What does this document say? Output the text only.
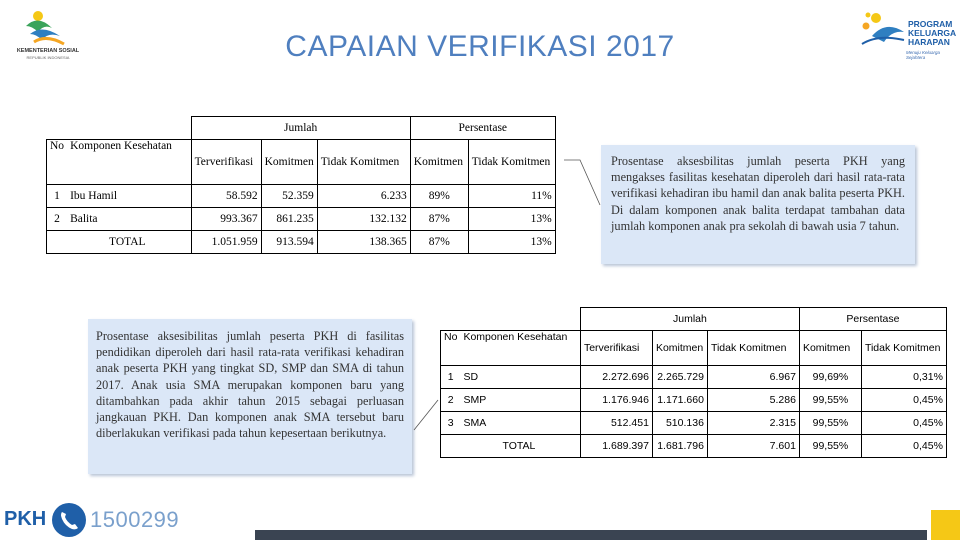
KEMENTERIAN SOSIAL
REPUBLIK INDONESIA
PROGRAM
KELUARGA
HARAPAN
Menuju Keluarga Sejahtera
CAPAIAN VERIFIKASI 2017
		Jumlah			Persentase	
No	Komponen Kesehatan	Terverifikasi	Komitmen	Tidak Komitmen	Komitmen	Tidak Komitmen
1	Ibu Hamil	58.592	52.359	6.233	89%	11%
2	Balita	993.367	861.235	132.132	87%	13%
TOTAL		1.051.959	913.594	138.365	87%	13%
Prosentase aksesbilitas jumlah peserta PKH yang mengakses fasilitas kesehatan diperoleh dari hasil rata-rata verifikasi kehadiran ibu hamil dan anak balita peserta PKH. Di dalam komponen anak balita terdapat tambahan data jumlah komponen anak pra sekolah di bawah usia 7 tahun.
Prosentase aksesibilitas jumlah peserta PKH di fasilitas pendidikan diperoleh dari hasil rata-rata verifikasi kehadiran anak peserta PKH yang tingkat SD, SMP dan SMA di tahun 2017. Anak usia SMA merupakan komponen baru yang ditambahkan pada akhir tahun 2015 sebagai perluasan jangkauan PKH. Dan komponen anak SMA tersebut baru diberlakukan verifikasi pada tahun kepesertaan berikutnya.
		Jumlah			Persentase	
No	Komponen Kesehatan	Terverifikasi	Komitmen	Tidak Komitmen	Komitmen	Tidak Komitmen
1	SD	2.272.696	2.265.729	6.967	99,69%	0,31%
2	SMP	1.176.946	1.171.660	5.286	99,55%	0,45%
3	SMA	512.451	510.136	2.315	99,55%	0,45%
TOTAL		1.689.397	1.681.796	7.601	99,55%	0,45%
PKH 1500299
